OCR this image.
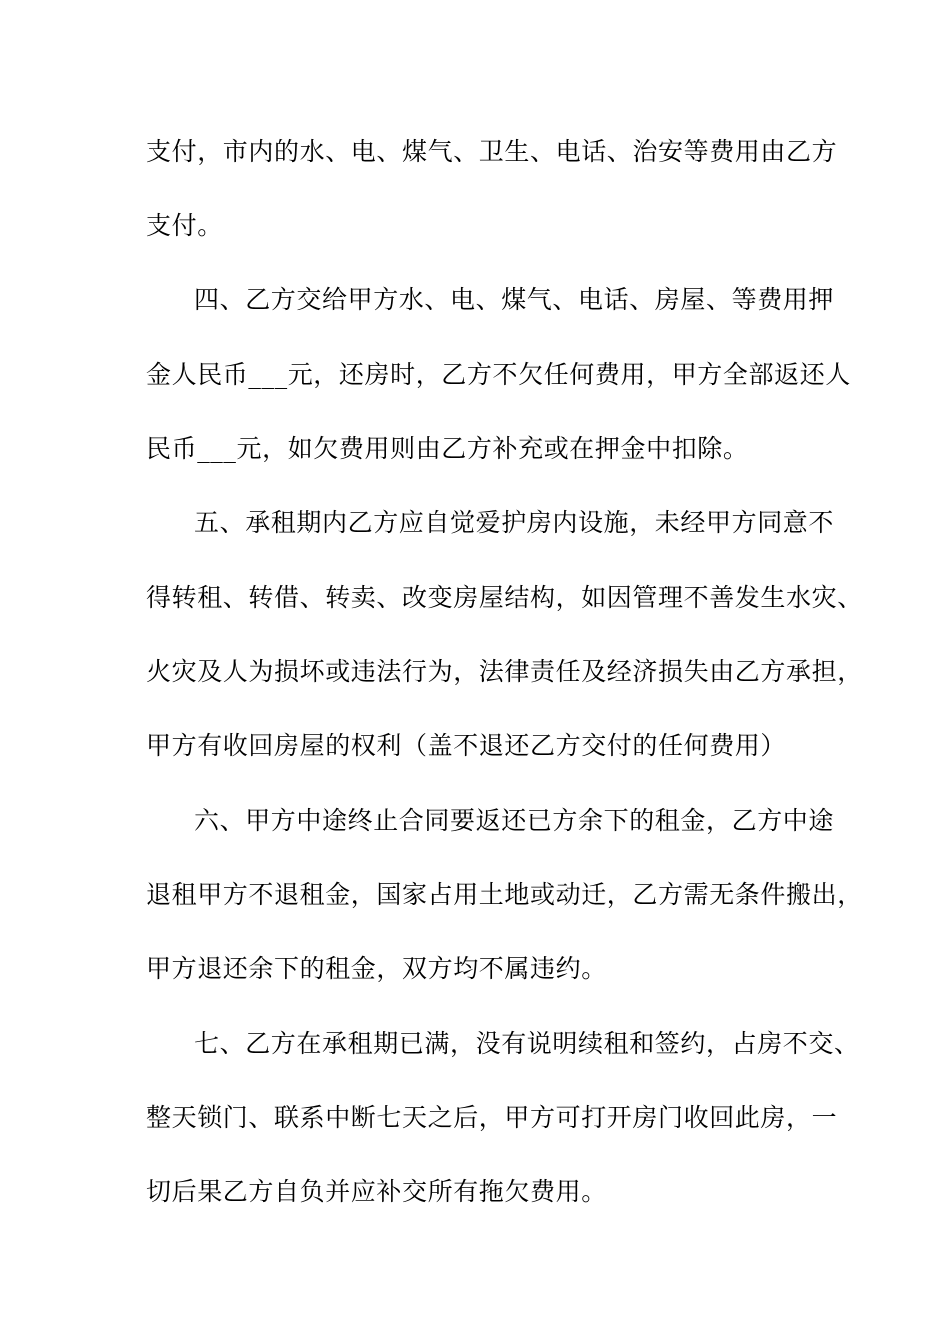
支付，市内的水、电、煤气、卫生、电话、治安等费用由乙方
支付。
四、乙方交给甲方水、电、煤气、电话、房屋、等费用押
金人民币___元，还房时，乙方不欠任何费用，甲方全部返还人
民币___元，如欠费用则由乙方补充或在押金中扣除。
五、承租期内乙方应自觉爱护房内设施，未经甲方同意不
得转租、转借、转卖、改变房屋结构，如因管理不善发生水灾、
火灾及人为损坏或违法行为，法律责任及经济损失由乙方承担，
甲方有收回房屋的权利（盖不退还乙方交付的任何费用）
六、甲方中途终止合同要返还已方余下的租金，乙方中途
退租甲方不退租金，国家占用土地或动迁，乙方需无条件搬出，
甲方退还余下的租金，双方均不属违约。
七、乙方在承租期已满，没有说明续租和签约，占房不交、
整天锁门、联系中断七天之后，甲方可打开房门收回此房，一
切后果乙方自负并应补交所有拖欠费用。
